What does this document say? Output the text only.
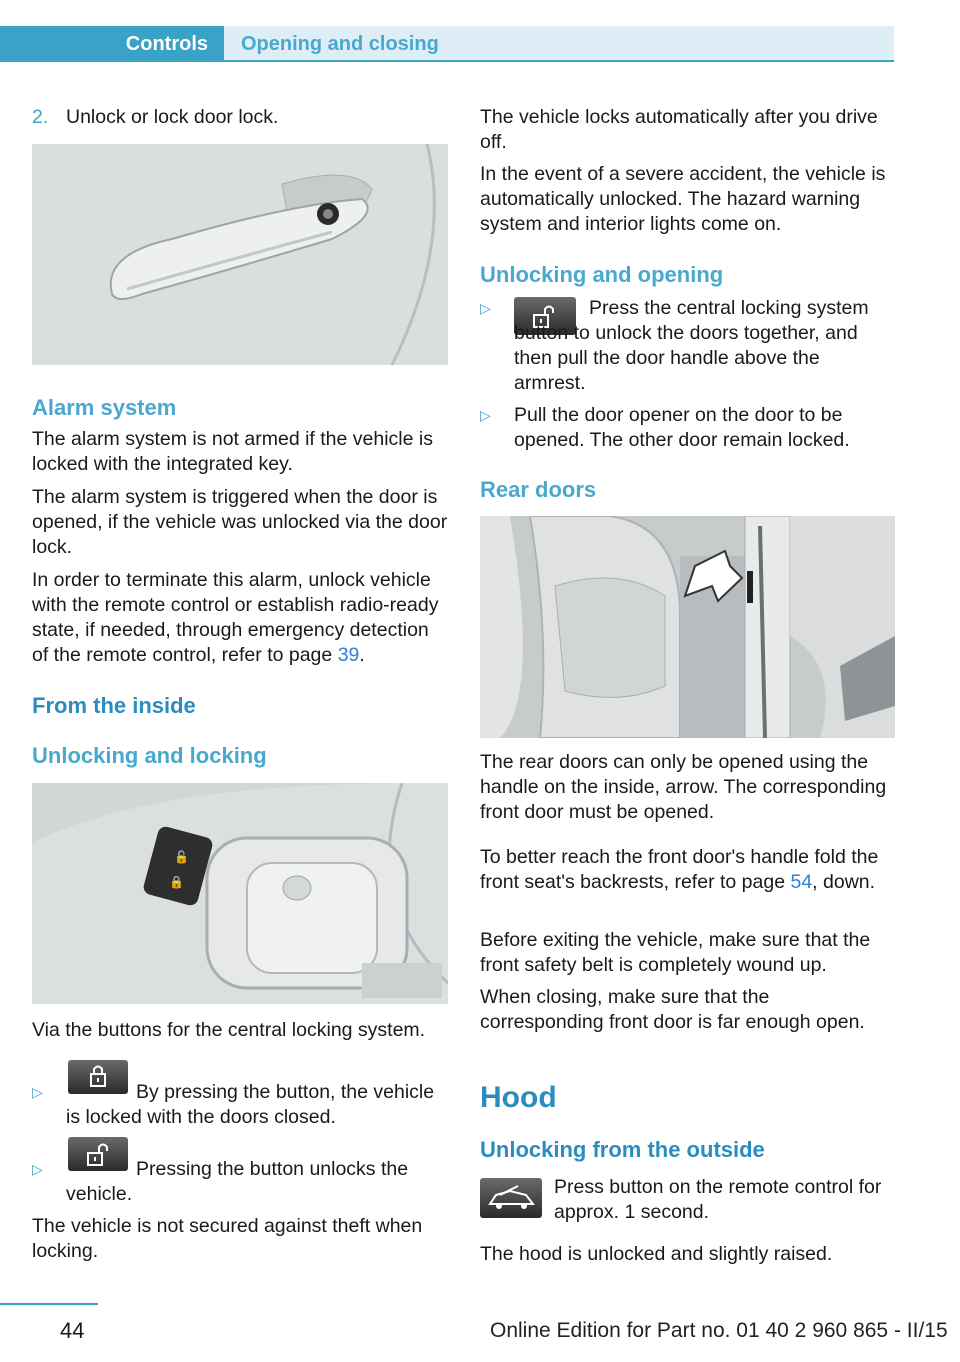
Controls	Opening and closing

2. Unlock or lock door lock.

Alarm system

The alarm system is not armed if the vehicle is locked with the integrated key.

The alarm system is triggered when the door is opened, if the vehicle was unlocked via the door lock.

In order to terminate this alarm, unlock vehicle with the remote control or establish radio-ready state, if needed, through emergency detection of the remote control, refer to page 39.

From the inside
Unlocking and locking
🔓
🔒

Via the buttons for the central locking system.

▷	By pressing the button, the vehicle is locked with the doors closed.

▷	Pressing the button unlocks the vehicle.

The vehicle is not secured against theft when locking.

The vehicle locks automatically after you drive off.

In the event of a severe accident, the vehicle is automatically unlocked. The hazard warning system and interior lights come on.

Unlocking and opening
▷	Press the central locking system button to unlock the doors together, and then pull the door handle above the armrest.

▷	Pull the door opener on the door to be opened. The other door remain locked.

Rear doors

The rear doors can only be opened using the handle on the inside, arrow. The corresponding front door must be opened.

To better reach the front door's handle fold the front seat's backrests, refer to page 54, down.

Before exiting the vehicle, make sure that the front safety belt is completely wound up.

When closing, make sure that the corresponding front door is far enough open.

Hood
Unlocking from the outside

Press button on the remote control for approx. 1 second.

The hood is unlocked and slightly raised.

44	Online Edition for Part no. 01 40 2 960 865 - II/15
